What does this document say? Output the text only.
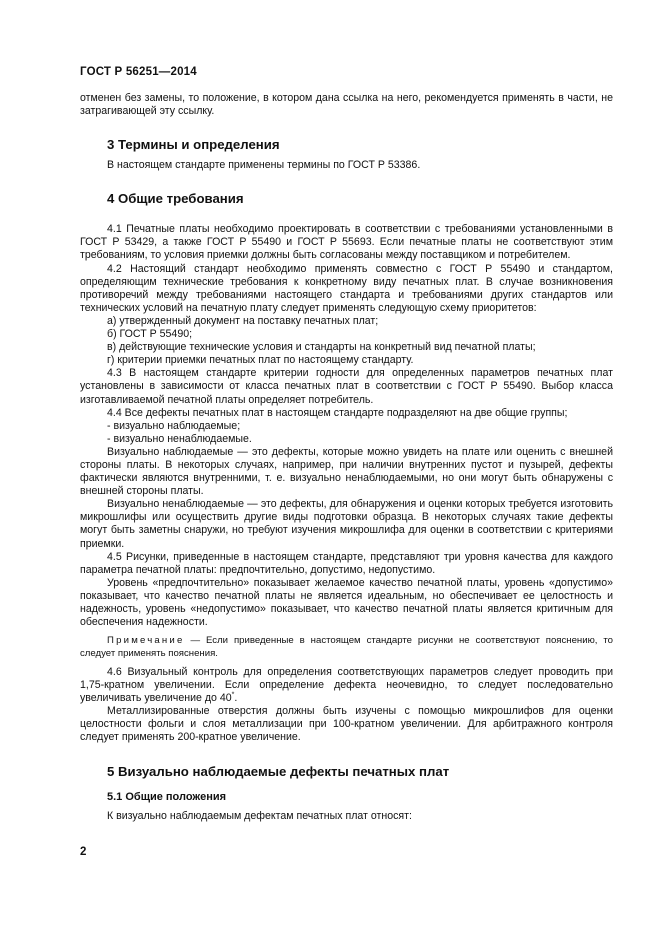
ГОСТ Р 56251—2014

отменен без замены, то положение, в котором дана ссылка на него, рекомендуется применять в части, не затрагивающей эту ссылку.

3 Термины и определения

В настоящем стандарте применены термины по ГОСТ Р 53386.

4 Общие требования

4.1 Печатные платы необходимо проектировать в соответствии с требованиями установленными в ГОСТ Р 53429, а также ГОСТ Р 55490 и ГОСТ Р 55693. Если печатные платы не соответствуют этим требованиям, то условия приемки должны быть согласованы между поставщиком и потребителем.

4.2 Настоящий стандарт необходимо применять совместно с ГОСТ Р 55490 и стандартом, определяющим технические требования к конкретному виду печатных плат. В случае возникновения противоречий между требованиями настоящего стандарта и требованиями других стандартов или технических условий на печатную плату следует применять следующую схему приоритетов:

а) утвержденный документ на поставку печатных плат;

б) ГОСТ Р 55490;

в) действующие технические условия и стандарты на конкретный вид печатной платы;

г) критерии приемки печатных плат по настоящему стандарту.

4.3 В настоящем стандарте критерии годности для определенных параметров печатных плат установлены в зависимости от класса печатных плат в соответствии с ГОСТ Р 55490. Выбор класса изготавливаемой печатной платы определяет потребитель.

4.4 Все дефекты печатных плат в настоящем стандарте подразделяют на две общие группы;

- визуально наблюдаемые;

- визуально ненаблюдаемые.

Визуально наблюдаемые — это дефекты, которые можно увидеть на плате или оценить с внешней стороны платы. В некоторых случаях, например, при наличии внутренних пустот и пузырей, дефекты фактически являются внутренними, т. е. визуально ненаблюдаемыми, но они могут быть обнаружены с внешней стороны платы.

Визуально ненаблюдаемые — это дефекты, для обнаружения и оценки которых требуется изготовить микрошлифы или осуществить другие виды подготовки образца. В некоторых случаях такие дефекты могут быть заметны снаружи, но требуют изучения микрошлифа для оценки в соответствии с критериями приемки.

4.5 Рисунки, приведенные в настоящем стандарте, представляют три уровня качества для каждого параметра печатной платы: предпочтительно, допустимо, недопустимо.

Уровень «предпочтительно» показывает желаемое качество печатной платы, уровень «допустимо» показывает, что качество печатной платы не является идеальным, но обеспечивает ее целостность и надежность, уровень «недопустимо» показывает, что качество печатной платы является критичным для обеспечения надежности.

Примечание — Если приведенные в настоящем стандарте рисунки не соответствуют пояснению, то следует применять пояснения.

4.6 Визуальный контроль для определения соответствующих параметров следует проводить при 1,75-кратном увеличении. Если определение дефекта неочевидно, то следует последовательно увеличивать увеличение до 40*.

Металлизированные отверстия должны быть изучены с помощью микрошлифов для оценки целостности фольги и слоя металлизации при 100-кратном увеличении. Для арбитражного контроля следует применять 200-кратное увеличение.

5 Визуально наблюдаемые дефекты печатных плат
5.1 Общие положения

К визуально наблюдаемым дефектам печатных плат относят:

2
